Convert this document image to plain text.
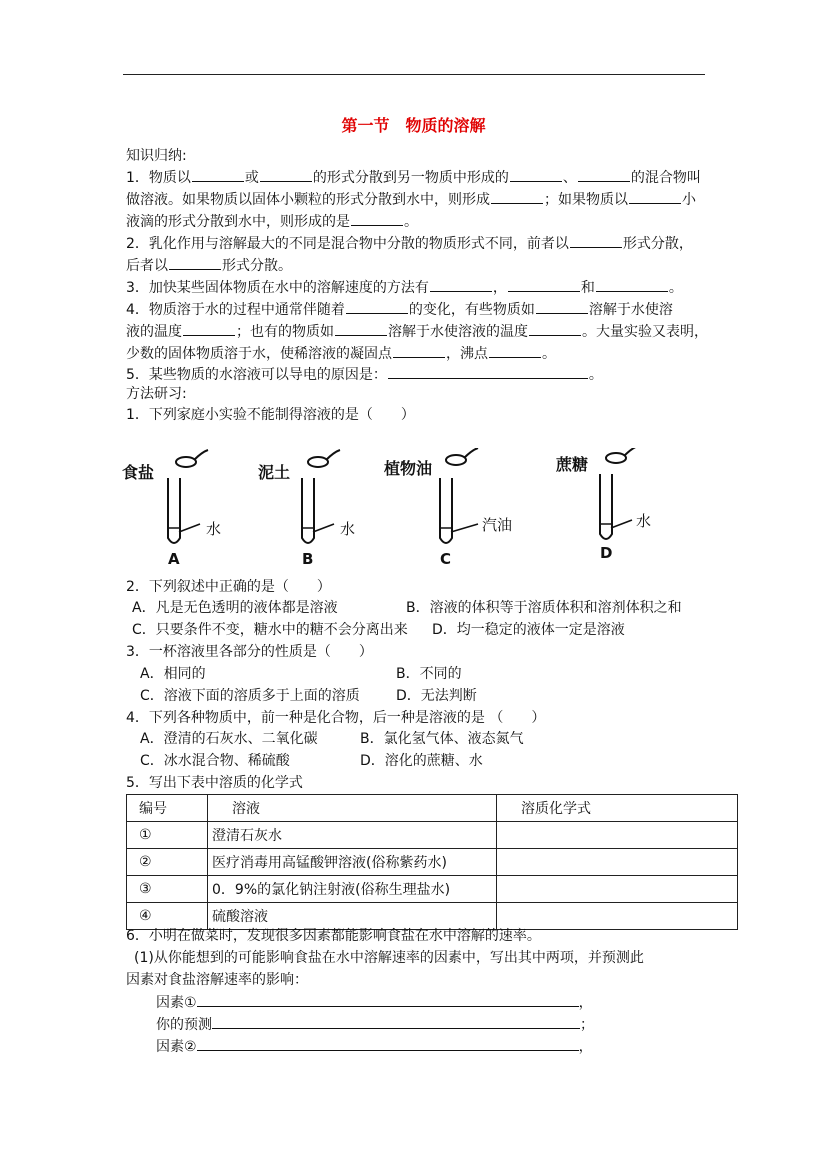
第一节　物质的溶解
知识归纳:
1．物质以	或	的形式分散到另一物质中形成的	、	的混合物叫
做溶液。如果物质以固体小颗粒的形式分散到水中，则形成	；如果物质以	小
液滴的形式分散到水中，则形成的是	。
2．乳化作用与溶解最大的不同是混合物中分散的物质形式不同，前者以	形式分散，
后者以	形式分散。
3．加快某些固体物质在水中的溶解速度的方法有	，	和	。
4．物质溶于水的过程中通常伴随着	的变化，有些物质如	溶解于水使溶
液的温度	；也有的物质如	溶解于水使溶液的温度	。大量实验又表明，
少数的固体物质溶于水，使稀溶液的凝固点	，沸点	。
5．某些物质的水溶液可以导电的原因是：	。
方法研习:
1．下列家庭小实验不能制得溶液的是（　　）
食盐
水
A
泥土
水
B
植物油
汽油
C
蔗糖
水
D
2．下列叙述中正确的是（　　）
A．凡是无色透明的液体都是溶液	B．溶液的体积等于溶质体积和溶剂体积之和
C．只要条件不变，糖水中的糖不会分离出来 D．均一稳定的液体一定是溶液
3．一杯溶液里各部分的性质是（　　）
A．相同的	B．不同的
C．溶液下面的溶质多于上面的溶质	D．无法判断
4．下列各种物质中，前一种是化合物，后一种是溶液的是 （　　）
A．澄清的石灰水、二氧化碳	B．氯化氢气体、液态氮气
C．冰水混合物、稀硫酸	D．溶化的蔗糖、水
5．写出下表中溶质的化学式
编号	溶液	溶质化学式
①	澄清石灰水	
②	医疗消毒用高锰酸钾溶液(俗称紫药水)	
③	0．9%的氯化钠注射液(俗称生理盐水)	
④	硫酸溶液	
6．小明在做菜时，发现很多因素都能影响食盐在水中溶解的速率。
(1)从你能想到的可能影响食盐在水中溶解速率的因素中，写出其中两项，并预测此
因素对食盐溶解速率的影响：
因素①	，
你的预测	；
因素②	，
